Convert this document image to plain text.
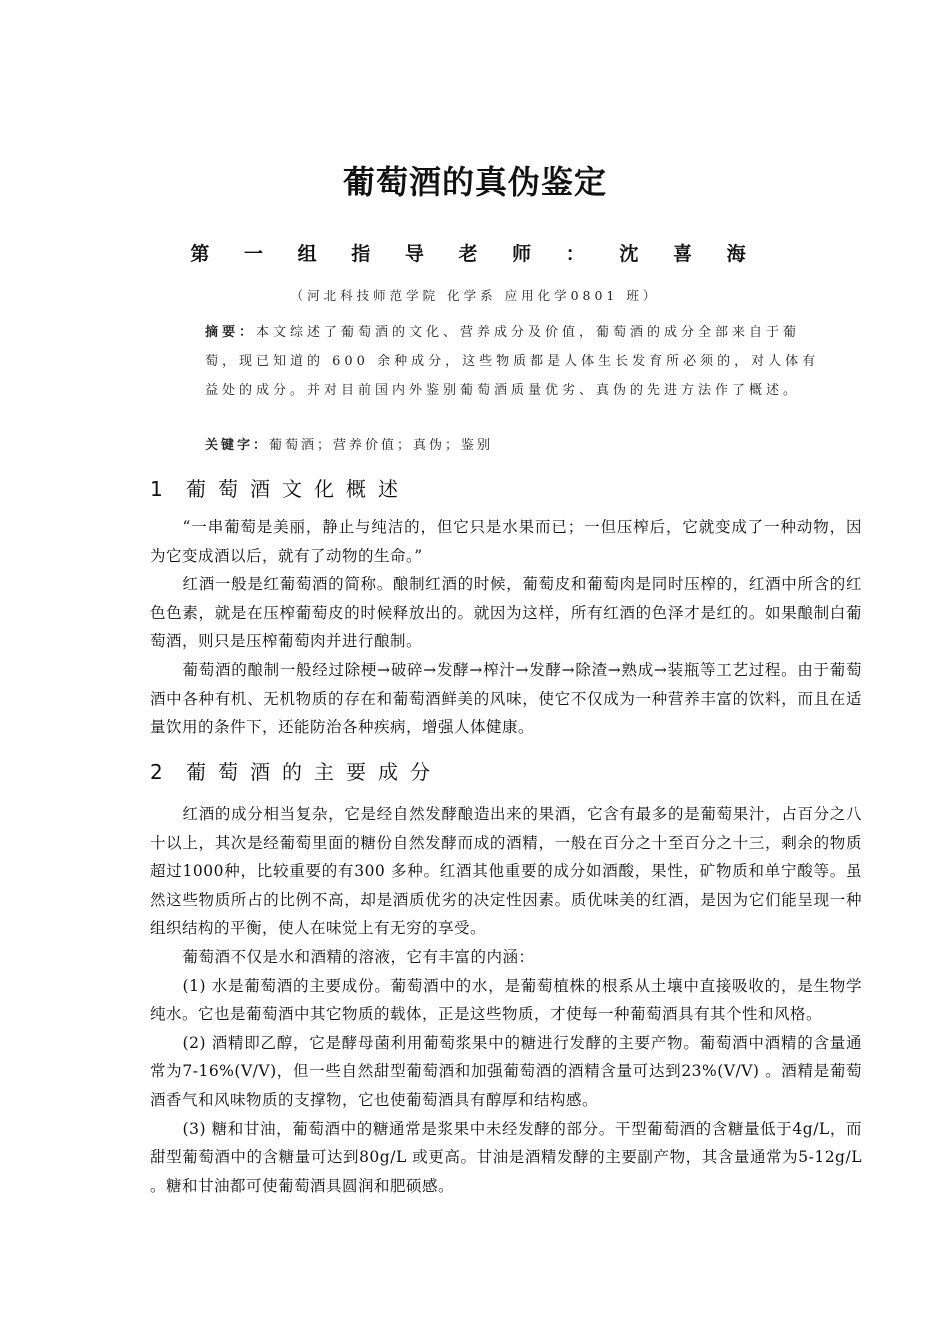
葡萄酒的真伪鉴定
第 一 组 指 导 老 师 ： 沈 喜 海
（河北科技师范学院 化学系 应用化学0801 班）
摘要：本文综述了葡萄酒的文化、营养成分及价值，葡萄酒的成分全部来自于葡萄，现已知道的 600 余种成分，这些物质都是人体生长发育所必须的，对人体有益处的成分。并对目前国内外鉴别葡萄酒质量优劣、真伪的先进方法作了概述。
关键字：葡萄酒；营养价值；真伪；鉴别
1 葡萄酒文化概述

“一串葡萄是美丽，静止与纯洁的，但它只是水果而已；一但压榨后，它就变成了一种动物，因为它变成酒以后，就有了动物的生命。”

红酒一般是红葡萄酒的简称。酿制红酒的时候，葡萄皮和葡萄肉是同时压榨的，红酒中所含的红色色素，就是在压榨葡萄皮的时候释放出的。就因为这样，所有红酒的色泽才是红的。如果酿制白葡萄酒，则只是压榨葡萄肉并进行酿制。

葡萄酒的酿制一般经过除梗→破碎→发酵→榨汁→发酵→除渣→熟成→装瓶等工艺过程。由于葡萄酒中各种有机、无机物质的存在和葡萄酒鲜美的风味，使它不仅成为一种营养丰富的饮料，而且在适量饮用的条件下，还能防治各种疾病，增强人体健康。

2 葡萄酒的主要成分

红酒的成分相当复杂，它是经自然发酵酿造出来的果酒，它含有最多的是葡萄果汁，占百分之八十以上，其次是经葡萄里面的糖份自然发酵而成的酒精，一般在百分之十至百分之十三，剩余的物质超过1000种，比较重要的有300 多种。红酒其他重要的成分如酒酸，果性，矿物质和单宁酸等。虽然这些物质所占的比例不高，却是酒质优劣的决定性因素。质优味美的红酒，是因为它们能呈现一种组织结构的平衡，使人在味觉上有无穷的享受。

葡萄酒不仅是水和酒精的溶液，它有丰富的内涵：

(1) 水是葡萄酒的主要成份。葡萄酒中的水，是葡萄植株的根系从土壤中直接吸收的，是生物学纯水。它也是葡萄酒中其它物质的载体，正是这些物质，才使每一种葡萄酒具有其个性和风格。

(2) 酒精即乙醇，它是酵母菌利用葡萄浆果中的糖进行发酵的主要产物。葡萄酒中酒精的含量通常为7-16%(V/V)，但一些自然甜型葡萄酒和加强葡萄酒的酒精含量可达到23%(V/V) 。酒精是葡萄酒香气和风味物质的支撑物，它也使葡萄酒具有醇厚和结构感。

(3) 糖和甘油，葡萄酒中的糖通常是浆果中未经发酵的部分。干型葡萄酒的含糖量低于4g/L，而甜型葡萄酒中的含糖量可达到80g/L 或更高。甘油是酒精发酵的主要副产物，其含量通常为5-12g/L 。糖和甘油都可使葡萄酒具圆润和肥硕感。
